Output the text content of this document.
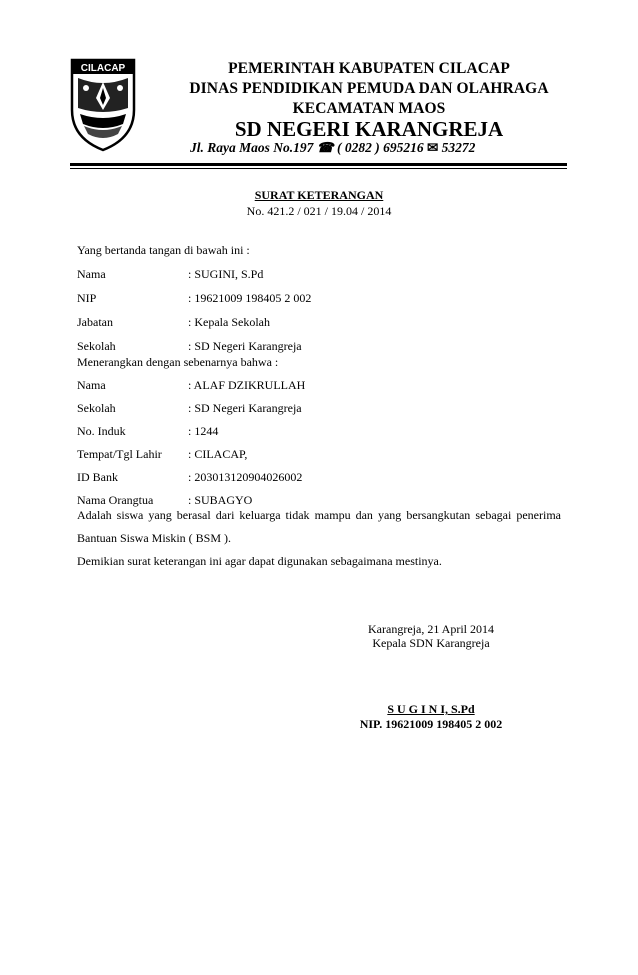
CILACAP	PEMERINTAH KABUPATEN CILACAP
DINAS PENDIDIKAN PEMUDA DAN OLAHRAGA
KECAMATAN MAOS
SD NEGERI KARANGREJA
Jl. Raya Maos No.197 ☎ ( 0282 ) 695216 ✉ 53272
SURAT KETERANGAN
No. 421.2 / 021 / 19.04 / 2014
Yang bertanda tangan di bawah ini :
Nama	: SUGINI, S.Pd
NIP	: 19621009 198405 2 002
Jabatan	: Kepala Sekolah
Sekolah	: SD Negeri Karangreja
Menerangkan dengan sebenarnya bahwa :
Nama	: ALAF DZIKRULLAH
Sekolah	: SD Negeri Karangreja
No. Induk	: 1244
Tempat/Tgl Lahir : CILACAP,
ID Bank	: 203013120904026002
Nama Orangtua	: SUBAGYO
Adalah siswa yang berasal dari keluarga tidak mampu dan yang bersangkutan sebagai penerima
Bantuan Siswa Miskin ( BSM ).
Demikian surat keterangan ini agar dapat digunakan sebagaimana mestinya.
Karangreja, 21 April 2014
Kepala SDN Karangreja
S U G I N I, S.Pd
NIP. 19621009 198405 2 002
